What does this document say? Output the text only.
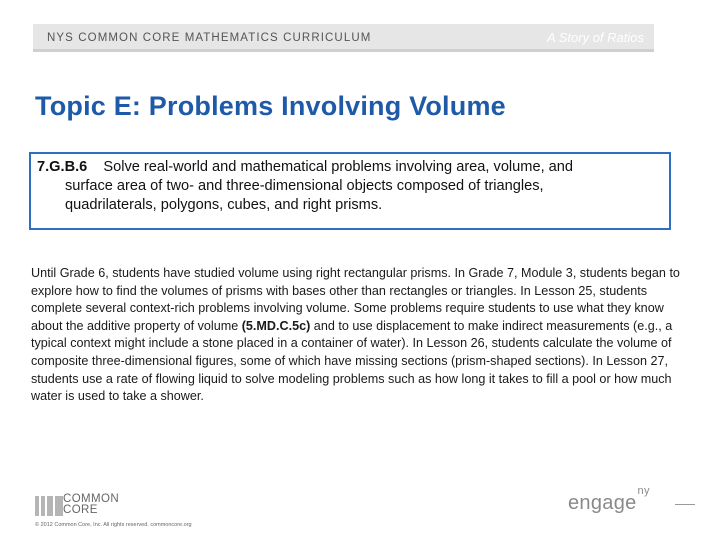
NYS COMMON CORE MATHEMATICS CURRICULUM	A Story of Ratios
Topic E: Problems Involving Volume
7.G.B.6 Solve real-world and mathematical problems involving area, volume, and
surface area of two- and three-dimensional objects composed of triangles,
quadrilaterals, polygons, cubes, and right prisms.

Until Grade 6, students have studied volume using right rectangular prisms. In Grade 7, Module 3, students began to explore how to find the volumes of prisms with bases other than rectangles or triangles. In Lesson 25, students complete several context-rich problems involving volume. Some problems require students to use what they know about the additive property of volume (5.MD.C.5c) and to use displacement to make indirect measurements (e.g., a typical context might include a stone placed in a container of water). In Lesson 26, students calculate the volume of composite three-dimensional figures, some of which have missing sections (prism-shaped sections). In Lesson 27, students use a rate of flowing liquid to solve modeling problems such as how long it takes to fill a pool or how much water is used to take a shower.

COMMON
CORE
© 2012 Common Core, Inc. All rights reserved. commoncore.org
engage$^{ny}$
